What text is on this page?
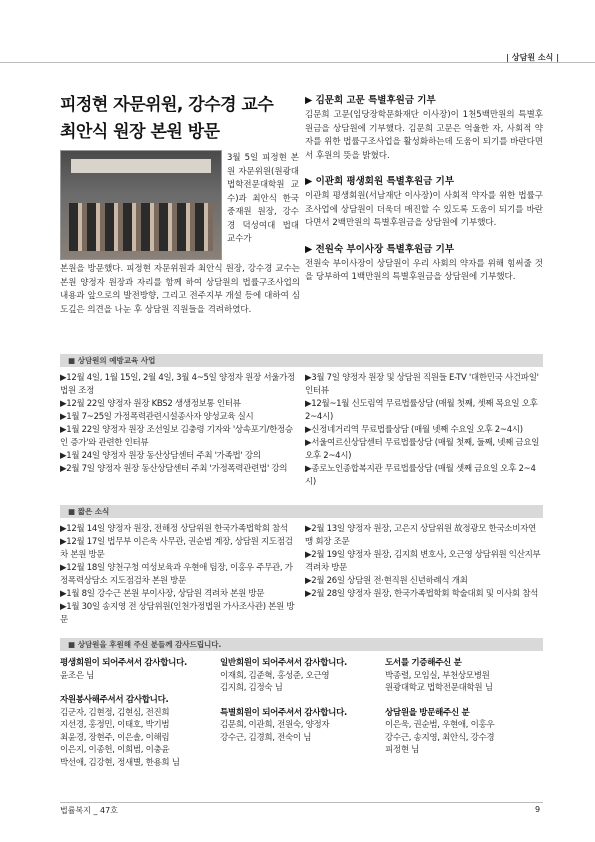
| 상담원 소식 |
피정현 자문위원, 강수경 교수
최안식 원장 본원 방문
3월 5일 피정현 본원 자문위원(원광대 법학전문대학원 교수)과 최안식 한국중재원 원장, 강수경 덕성여대 법대 교수가
본원을 방문했다. 피정현 자문위원과 최안식 원장, 강수경 교수는 본원 양정자 원장과 자리를 함께 하여 상담원의 법률구조사업의 내용과 앞으로의 발전방향, 그리고 전주지부 개설 등에 대하여 심도깊은 의견을 나눈 후 상담원 직원들을 격려하였다.
▶ 김문희 고문 특별후원금 기부
김문희 고문(임당장학문화재단 이사장)이 1천5백만원의 특별후원금을 상담원에 기부했다. 김문희 고문은 억울한 자, 사회적 약자를 위한 법률구조사업을 활성화하는데 도움이 되기를 바란다면서 후원의 뜻을 밝혔다.
▶ 이관희 평생회원 특별후원금 기부
이관희 평생회원(서남재단 이사장)이 사회적 약자를 위한 법률구조사업에 상담원이 더욱더 매진할 수 있도록 도움이 되기를 바란다면서 2백만원의 특별후원금을 상담원에 기부했다.
▶ 전원숙 부이사장 특별후원금 기부
전원숙 부이사장이 상담원이 우리 사회의 약자를 위해 힘써줄 것을 당부하여 1백만원의 특별후원금을 상담원에 기부했다.
■ 상담원의 예방교육 사업
▶12월 4일, 1월 15일, 2월 4일, 3월 4~5일 양정자 원장 서울가정법원 조정
▶12월 22일 양정자 원장 KBS2 생생정보통 인터뷰
▶1월 7~25일 가정폭력관련시설종사자 양성교육 실시
▶1월 22일 양정자 원장 조선일보 김충령 기자와 '상속포기/한정승인 증가'와 관련한 인터뷰
▶1월 24일 양정자 원장 동산상담센터 주최 '가족법' 강의
▶2월 7일 양정자 원장 동산상담센터 주최 '가정폭력관련법' 강의
▶3월 7일 양정자 원장 및 상담원 직원들 E-TV '대한민국 사건파일' 인터뷰
▶12월~1월 신도림역 무료법률상담 (매월 첫째, 셋째 목요일 오후 2~4시)
▶신정네거리역 무료법률상담 (매월 넷째 수요일 오후 2~4시)
▶서울여르신상담센터 무료법률상담 (매월 첫째, 둘째, 넷째 금요일 오후 2~4시)
▶종로노인종합복지관 무료법률상담 (매월 셋째 금요일 오후 2~4시)
■ 짧은 소식
▶12월 14일 양정자 원장, 전해정 상담위원 한국가족법학회 참석
▶12월 17일 법무부 이은욱 사무관, 권순범 계장, 상담원 지도점검차 본원 방문
▶12월 18일 양천구청 여성보육과 우현애 팀장, 이홍우 주무관, 가정폭력상담소 지도점검차 본원 방문
▶1월 8일 강수근 본원 부이사장, 상담원 격려차 본원 방문
▶1월 30일 송지영 전 상담위원(인천가정법원 가사조사관) 본원 방문
▶2월 13일 양정자 원장, 고은지 상담위원 故정광모 한국소비자연맹 회장 조문
▶2월 19일 양정자 원장, 김지희 변호사, 오근영 상담위원 익산지부 격려차 방문
▶2월 26일 상담원 전·현직원 신년하례식 개최
▶2월 28일 양정자 원장, 한국가족법학회 학술대회 및 이사회 참석
■ 상담원을 후원해 주신 분들께 감사드립니다.
평생회원이 되어주셔서 감사합니다.
윤조은 님
자원봉사해주셔서 감사합니다.
김군자, 김현정, 김현심, 전진희
지선경, 홍정민, 이태호, 박기범
최윤경, 장현주, 이은솔, 이해림
이은지, 이종헌, 이희범, 이충윤
박선애, 김강현, 정새별, 한용희 님
일반회원이 되어주셔서 감사합니다.
이재희, 김준혁, 홍성준, 오근영
김지희, 김정숙 님
특별회원이 되어주셔서 감사합니다.
김문희, 이관희, 전원숙, 양정자
강수근, 김경희, 전숙이 님
도서를 기증해주신 분
박종렬, 모임실, 부천상모병원
원광대학교 법학전문대학원 님
상담원을 방문해주신 분
이은욱, 권순범, 우현애, 이홍우
강수근, 송지영, 최안식, 강수경
피정현 님
법률복지 _ 47호	9
